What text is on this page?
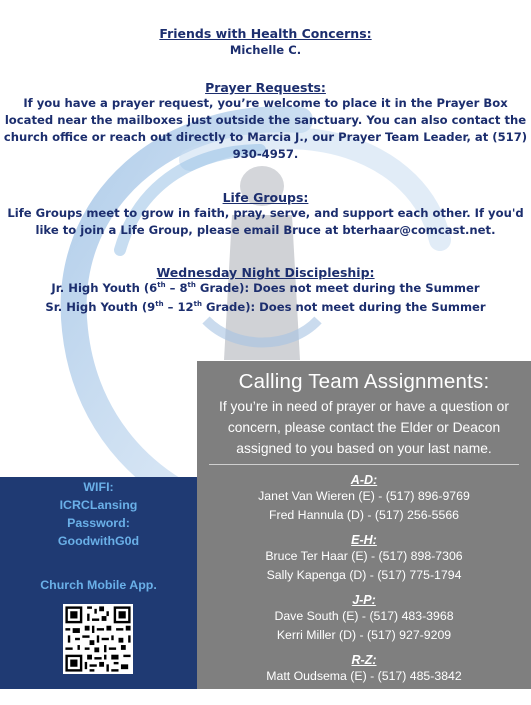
Friends with Health Concerns:
Michelle C.
Prayer Requests:
If you have a prayer request, you’re welcome to place it in the Prayer Box
located near the mailboxes just outside the sanctuary. You can also contact the
church office or reach out directly to Marcia J., our Prayer Team Leader, at (517)
930-4957.
Life Groups:
Life Groups meet to grow in faith, pray, serve, and support each other. If you'd
like to join a Life Group, please email Bruce at bterhaar@comcast.net.
Wednesday Night Discipleship:
Jr. High Youth (6th – 8th Grade): Does not meet during the Summer
Sr. High Youth (9th – 12th Grade): Does not meet during the Summer
Calling Team Assignments:
If you’re in need of prayer or have a question or
concern, please contact the Elder or Deacon
assigned to you based on your last name.
A-D:
Janet Van Wieren (E) - (517) 896-9769
Fred Hannula (D) - (517) 256-5566
E-H:
Bruce Ter Haar (E) - (517) 898-7306
Sally Kapenga (D) - (517) 775-1794
J-P:
Dave South (E) - (517) 483-3968
Kerri Miller (D) - (517) 927-9209
R-Z:
Matt Oudsema (E) - (517) 485-3842
Joe Ernst (D) - (517) 420-5561
WIFI:
ICRCLansing
Password:
GoodwithG0d
Church Mobile App.
